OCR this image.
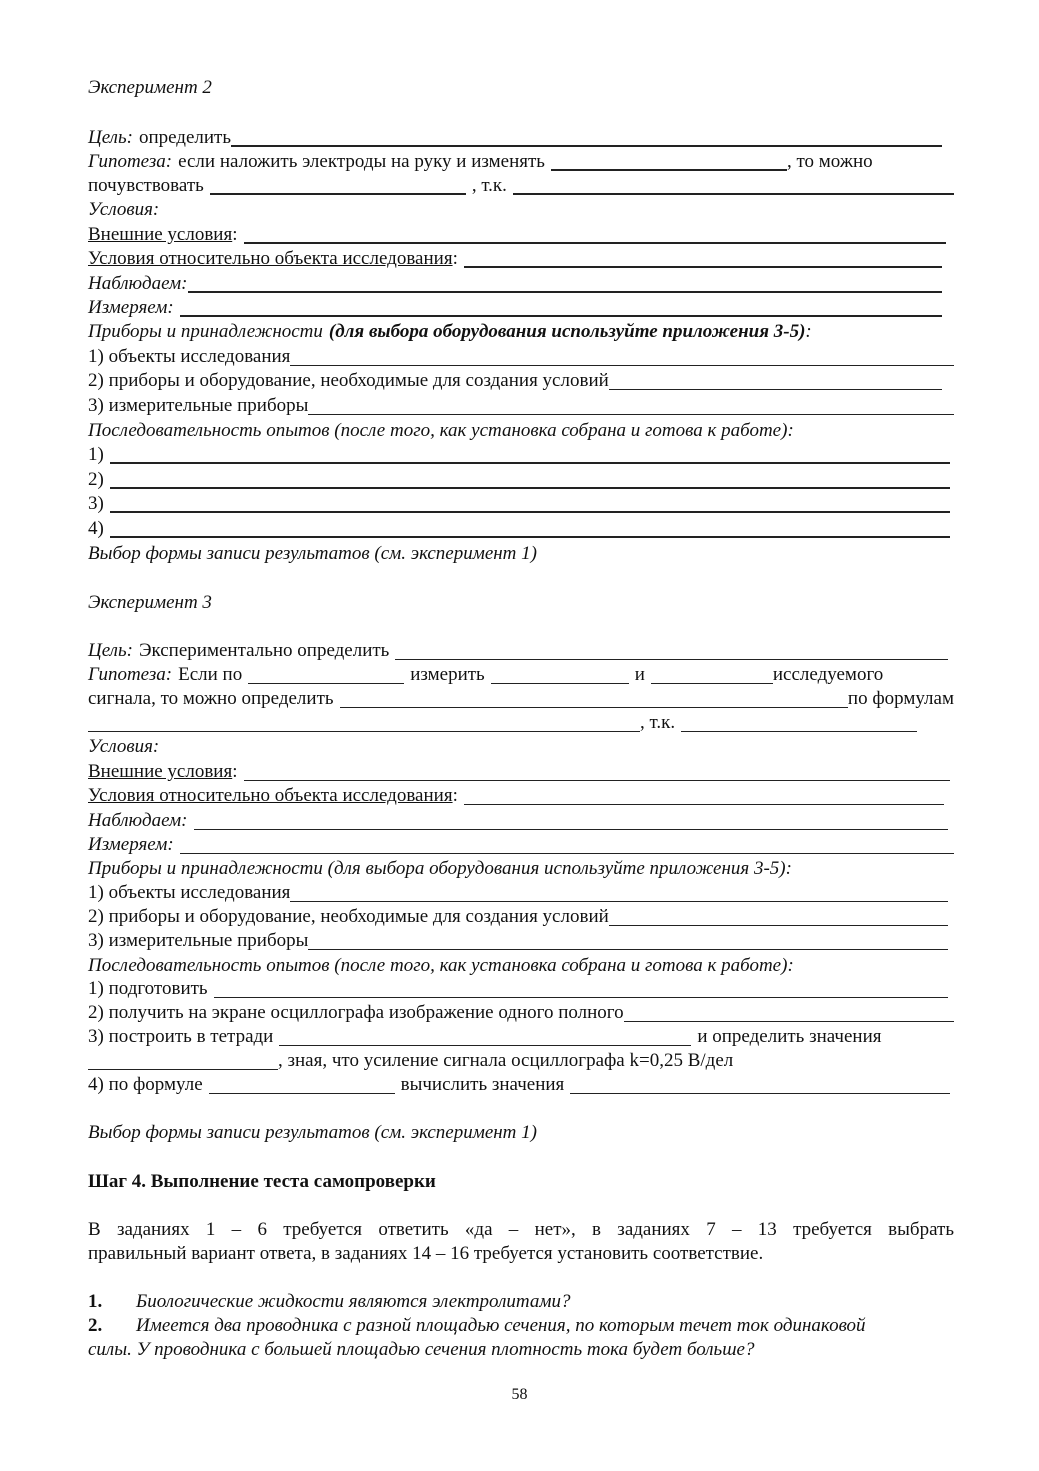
Эксперимент 2
Цель: определить
Гипотеза: если наложить электроды на руку и изменять	, то можно
почувствовать	, т.к.
Условия:
Внешние условия :
Условия относительно объекта исследования :
Наблюдаем:
Измеряем:
Приборы и принадлежности (для выбора оборудования используйте приложения 3-5) :
1) объекты исследования
2) приборы и оборудование, необходимые для создания условий
3) измерительные приборы
Последовательность опытов (после того, как установка собрана и готова к работе):
1)
2)
3)
4)
Выбор формы записи результатов (см. эксперимент 1)
Эксперимент 3
Цель: Экспериментально определить
Гипотеза: Если по	измерить	и	исследуемого
сигнала, то можно определить	по формулам
, т.к.
Условия:
Внешние условия :
Условия относительно объекта исследования :
Наблюдаем:
Измеряем:
Приборы и принадлежности (для выбора оборудования используйте приложения 3-5):
1) объекты исследования
2) приборы и оборудование, необходимые для создания условий
3) измерительные приборы
Последовательность опытов (после того, как установка собрана и готова к работе):
1) подготовить
2) получить на экране осциллографа изображение одного полного
3) построить в тетради	и определить значения
, зная, что усиление сигнала осциллографа k=0,25 В/дел
4) по формуле	вычислить значения
Выбор формы записи результатов (см. эксперимент 1)
Шаг 4. Выполнение теста самопроверки
В заданиях 1 – 6 требуется ответить «да – нет», в заданиях 7 – 13 требуется выбрать
правильный вариант ответа, в заданиях 14 – 16 требуется установить соответствие.
1. Биологические жидкости являются электролитами?
2. Имеется два проводника с разной площадью сечения, по которым течет ток одинаковой
силы. У проводника с большей площадью сечения плотность тока будет больше?
58
